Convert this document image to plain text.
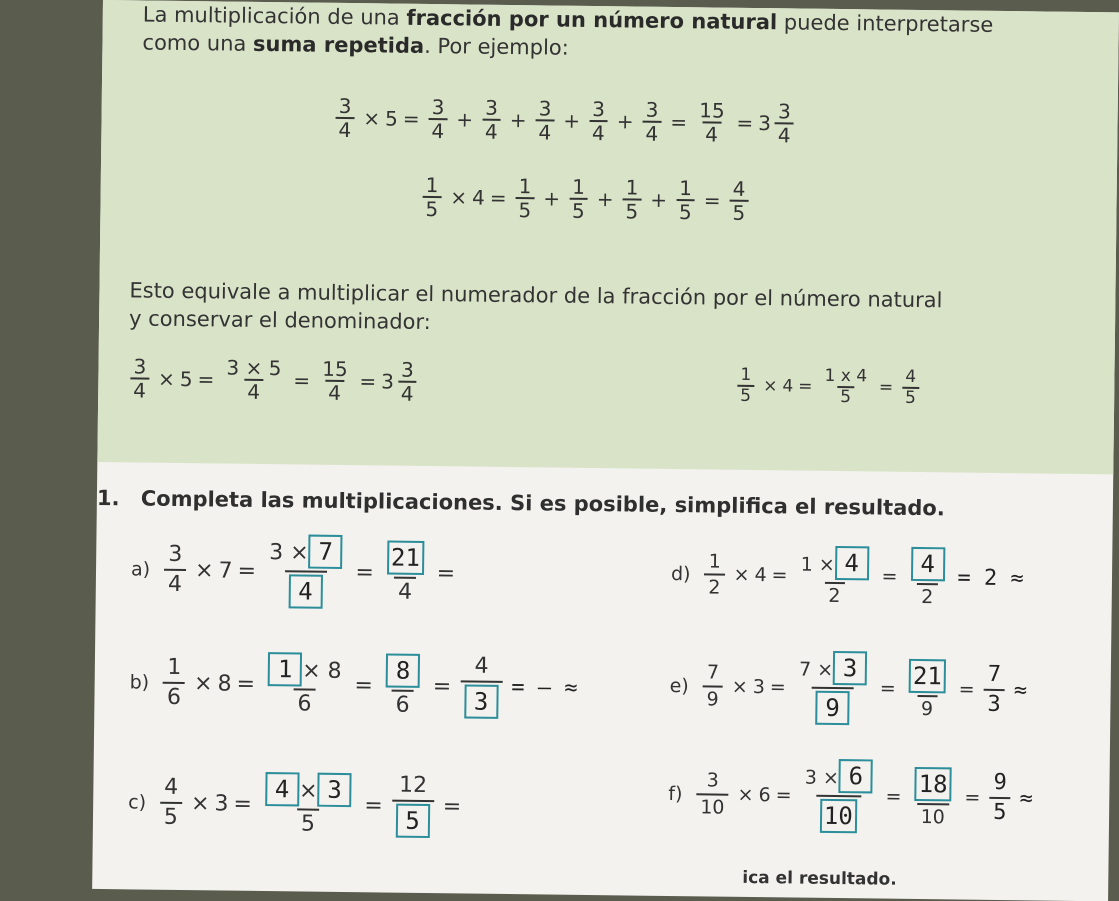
La multiplicación de una fracción por un número natural puede interpretarse
como una suma repetida. Por ejemplo:
$\frac{3}{4} \times 5 = \frac{3}{4} + \frac{3}{4} + \frac{3}{4} + \frac{3}{4} + \frac{3}{4} = \frac{15}{4} = 3 \frac{3}{4}$
$\frac{1}{5} \times 4 = \frac{1}{5} + \frac{1}{5} + \frac{1}{5} + \frac{1}{5} = \frac{4}{5}$
Esto equivale a multiplicar el numerador de la fracción por el número natural
y conservar el denominador:
$\frac{3}{4} \times 5 = \frac{3 \times 5}{4} = \frac{15}{4} = 3 \frac{3}{4}$	$\frac{1}{5} \times 4 = \frac{1 x 4}{5} = \frac{4}{5}$
1. Completa las multiplicaciones. Si es posible, simplifica el resultado.
$a) \frac{3}{4} \times 7 = \frac{3 \times 7}{4} = \frac{21}{4}$ =	$d) \frac{1}{2} \times 4 = \frac{1 \times 4}{2} = \frac{4}{2} = 2$ ≈
$b) \frac{1}{6} \times 8 = \frac{1 \times 8}{6} = \frac{8}{6} = \frac{4}{3}$ = – ≈	$e) \frac{7}{9} \times 3 = \frac{7 \times 3}{9} = \frac{21}{9} = \frac{7}{3}$ ≈
$c) \frac{4}{5} \times 3 = \frac{4 \times 3}{5} = \frac{12}{5}$ =	$f) \frac{3}{10} \times 6 = \frac{3 \times 6}{10} = \frac{18}{10} = \frac{9}{5}$ ≈
ica el resultado.
